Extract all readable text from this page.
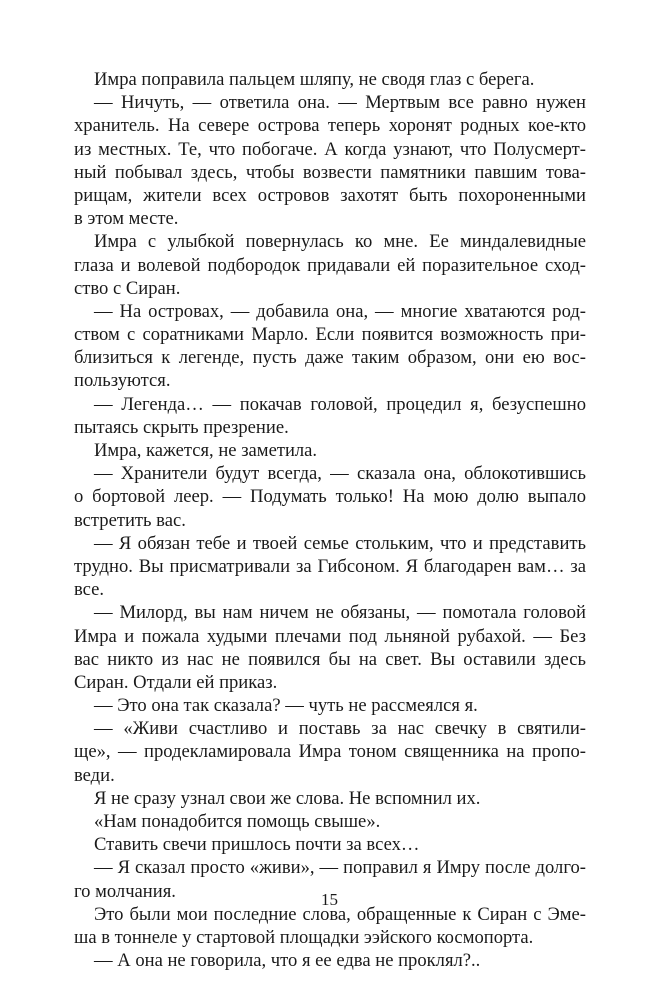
Имра поправила пальцем шляпу, не сводя глаз с берега.
— Ничуть, — ответила она. — Мертвым все равно нужен
хранитель. На севере острова теперь хоронят родных кое-кто
из местных. Те, что побогаче. А когда узнают, что Полусмерт-
ный побывал здесь, чтобы возвести памятники павшим това-
рищам, жители всех островов захотят быть похороненными
в этом месте.
Имра с улыбкой повернулась ко мне. Ее миндалевидные
глаза и волевой подбородок придавали ей поразительное сход-
ство с Сиран.
— На островах, — добавила она, — многие хватаются род-
ством с соратниками Марло. Если появится возможность при-
близиться к легенде, пусть даже таким образом, они ею вос-
пользуются.
— Легенда… — покачав головой, процедил я, безуспешно
пытаясь скрыть презрение.
Имра, кажется, не заметила.
— Хранители будут всегда, — сказала она, облокотившись
о бортовой леер. — Подумать только! На мою долю выпало
встретить вас.
— Я обязан тебе и твоей семье стольким, что и представить
трудно. Вы присматривали за Гибсоном. Я благодарен вам… за
все.
— Милорд, вы нам ничем не обязаны, — помотала головой
Имра и пожала худыми плечами под льняной рубахой. — Без
вас никто из нас не появился бы на свет. Вы оставили здесь
Сиран. Отдали ей приказ.
— Это она так сказала? — чуть не рассмеялся я.
— «Живи счастливо и поставь за нас свечку в святили-
ще», — продекламировала Имра тоном священника на пропо-
веди.
Я не сразу узнал свои же слова. Не вспомнил их.
«Нам понадобится помощь свыше».
Ставить свечи пришлось почти за всех…
— Я сказал просто «живи», — поправил я Имру после долго-
го молчания.
Это были мои последние слова, обращенные к Сиран с Эме-
ша в тоннеле у стартовой площадки ээйского космопорта.
— А она не говорила, что я ее едва не проклял?..
15
